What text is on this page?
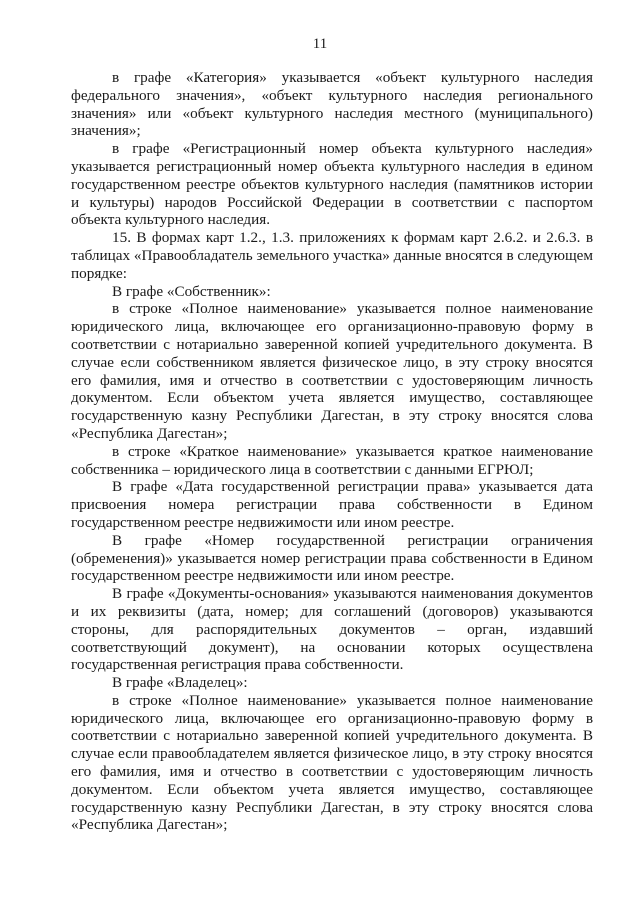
11

в графе «Категория» указывается «объект культурного наследия федерального значения», «объект культурного наследия регионального значения» или «объект культурного наследия местного (муниципального) значения»;

в графе «Регистрационный номер объекта культурного наследия» указывается регистрационный номер объекта культурного наследия в едином государственном реестре объектов культурного наследия (памятников истории и культуры) народов Российской Федерации в соответствии с паспортом объекта культурного наследия.

15. В формах карт 1.2., 1.3. приложениях к формам карт 2.6.2. и 2.6.3. в таблицах «Правообладатель земельного участка» данные вносятся в следующем порядке:

В графе «Собственник»:

в строке «Полное наименование» указывается полное наименование юридического лица, включающее его организационно-правовую форму в соответствии с нотариально заверенной копией учредительного документа. В случае если собственником является физическое лицо, в эту строку вносятся его фамилия, имя и отчество в соответствии с удостоверяющим личность документом. Если объектом учета является имущество, составляющее государственную казну Республики Дагестан, в эту строку вносятся слова «Республика Дагестан»;

в строке «Краткое наименование» указывается краткое наименование собственника – юридического лица в соответствии с данными ЕГРЮЛ;

В графе «Дата государственной регистрации права» указывается дата присвоения номера регистрации права собственности в Едином государственном реестре недвижимости или ином реестре.

В графе «Номер государственной регистрации ограничения (обременения)» указывается номер регистрации права собственности в Едином государственном реестре недвижимости или ином реестре.

В графе «Документы-основания» указываются наименования документов и их реквизиты (дата, номер; для соглашений (договоров) указываются стороны, для распорядительных документов – орган, издавший соответствующий документ), на основании которых осуществлена государственная регистрация права собственности.

В графе «Владелец»:

в строке «Полное наименование» указывается полное наименование юридического лица, включающее его организационно-правовую форму в соответствии с нотариально заверенной копией учредительного документа. В случае если правообладателем является физическое лицо, в эту строку вносятся его фамилия, имя и отчество в соответствии с удостоверяющим личность документом. Если объектом учета является имущество, составляющее государственную казну Республики Дагестан, в эту строку вносятся слова «Республика Дагестан»;
